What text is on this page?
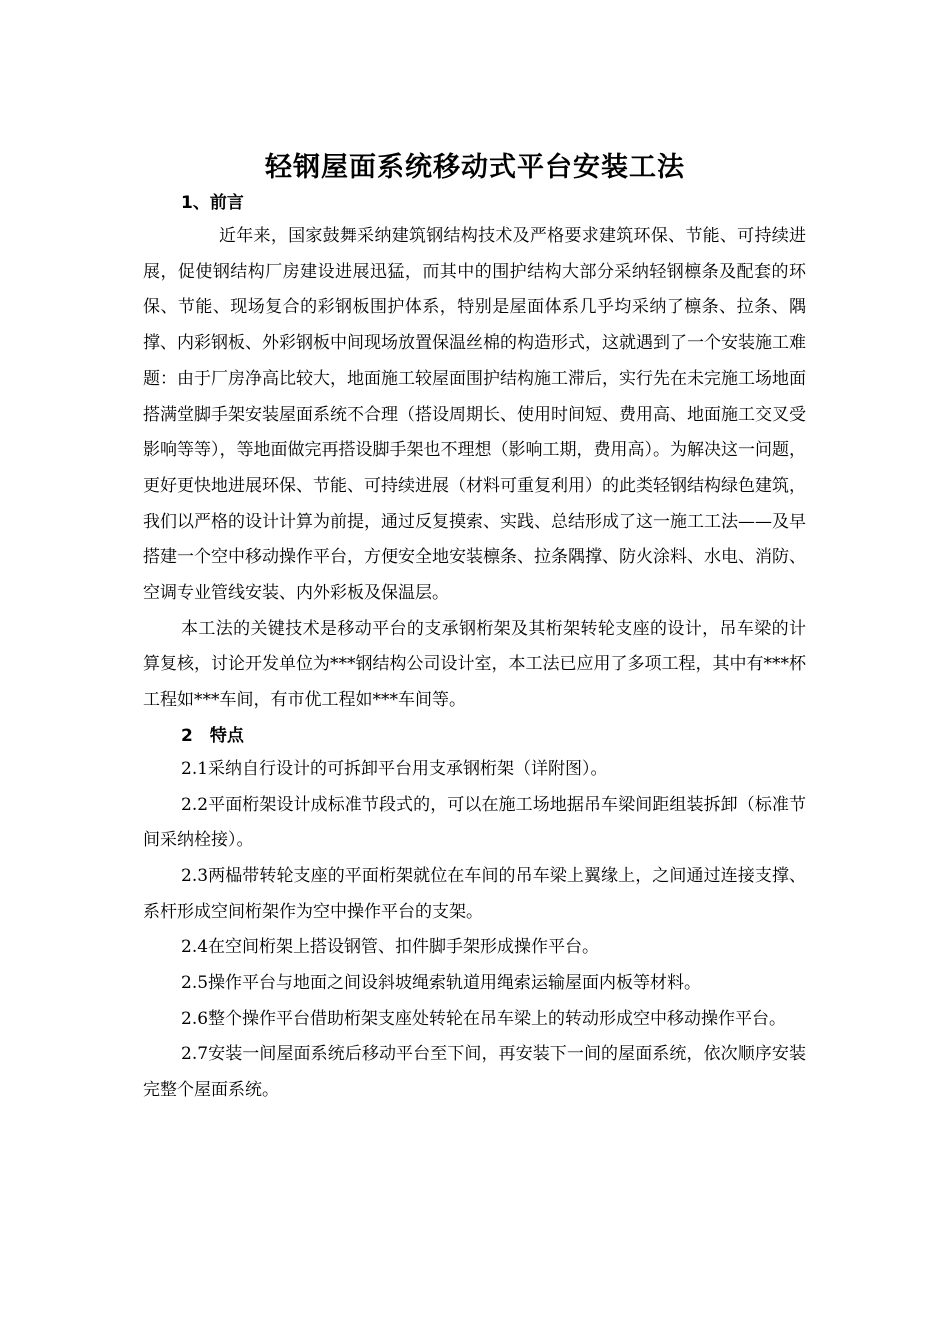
轻钢屋面系统移动式平台安装工法
1、前言

近年来，国家鼓舞采纳建筑钢结构技术及严格要求建筑环保、节能、可持续进展，促使钢结构厂房建设进展迅猛，而其中的围护结构大部分采纳轻钢檩条及配套的环保、节能、现场复合的彩钢板围护体系，特别是屋面体系几乎均采纳了檩条、拉条、隅撑、内彩钢板、外彩钢板中间现场放置保温丝棉的构造形式，这就遇到了一个安装施工难题：由于厂房净高比较大，地面施工较屋面围护结构施工滞后，实行先在未完施工场地面搭满堂脚手架安装屋面系统不合理（搭设周期长、使用时间短、费用高、地面施工交叉受影响等等），等地面做完再搭设脚手架也不理想（影响工期，费用高）。为解决这一问题，更好更快地进展环保、节能、可持续进展（材料可重复利用）的此类轻钢结构绿色建筑，我们以严格的设计计算为前提，通过反复摸索、实践、总结形成了这一施工工法——及早搭建一个空中移动操作平台，方便安全地安装檩条、拉条隅撑、防火涂料、水电、消防、空调专业管线安装、内外彩板及保温层。

本工法的关键技术是移动平台的支承钢桁架及其桁架转轮支座的设计，吊车梁的计算复核，讨论开发单位为***钢结构公司设计室，本工法已应用了多项工程，其中有***杯工程如***车间，有市优工程如***车间等。

2　特点

2.1采纳自行设计的可拆卸平台用支承钢桁架（详附图）。

2.2平面桁架设计成标准节段式的，可以在施工场地据吊车梁间距组装拆卸（标准节间采纳栓接）。

2.3两榀带转轮支座的平面桁架就位在车间的吊车梁上翼缘上，之间通过连接支撑、系杆形成空间桁架作为空中操作平台的支架。

2.4在空间桁架上搭设钢管、扣件脚手架形成操作平台。

2.5操作平台与地面之间设斜坡绳索轨道用绳索运输屋面内板等材料。

2.6整个操作平台借助桁架支座处转轮在吊车梁上的转动形成空中移动操作平台。

2.7安装一间屋面系统后移动平台至下间，再安装下一间的屋面系统，依次顺序安装完整个屋面系统。
